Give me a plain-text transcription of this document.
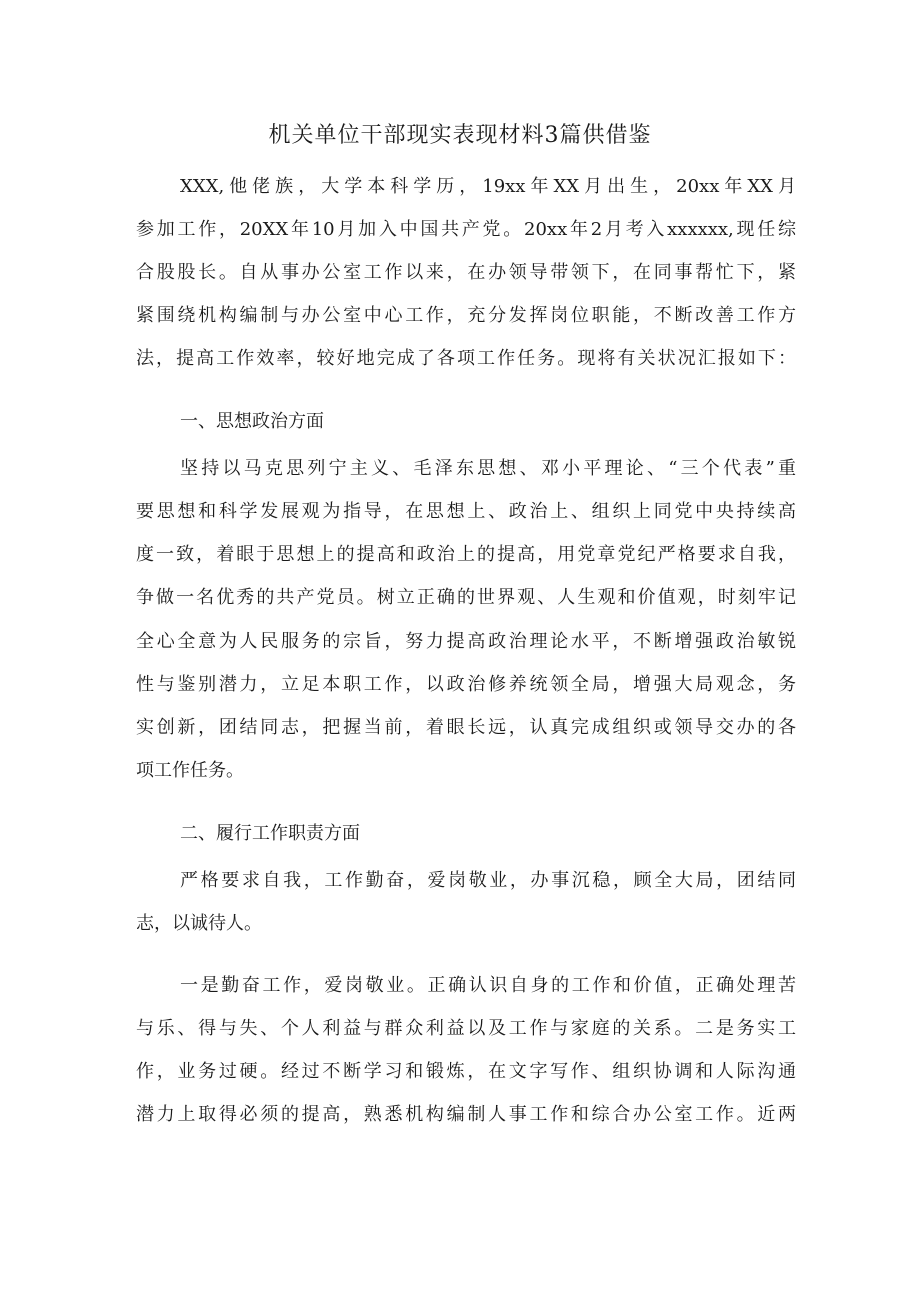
机关单位干部现实表现材料3篇供借鉴
XXX,他佬族，大学本科学历，19xx年XX月出生，20xx年XX月
参加工作，20XX年10月加入中国共产党。20xx年2月考入xxxxxx,现任综
合股股长。自从事办公室工作以来，在办领导带领下，在同事帮忙下，紧
紧围绕机构编制与办公室中心工作，充分发挥岗位职能，不断改善工作方
法，提高工作效率，较好地完成了各项工作任务。现将有关状况汇报如下：
一、思想政治方面
坚持以马克思列宁主义、毛泽东思想、邓小平理论、“三个代表”重
要思想和科学发展观为指导，在思想上、政治上、组织上同党中央持续高
度一致，着眼于思想上的提高和政治上的提高，用党章党纪严格要求自我，
争做一名优秀的共产党员。树立正确的世界观、人生观和价值观，时刻牢记
全心全意为人民服务的宗旨，努力提高政治理论水平，不断增强政治敏锐
性与鉴别潜力，立足本职工作，以政治修养统领全局，增强大局观念，务
实创新，团结同志，把握当前，着眼长远，认真完成组织或领导交办的各
项工作任务。
二、履行工作职责方面
严格要求自我，工作勤奋，爱岗敬业，办事沉稳，顾全大局，团结同
志，以诚待人。
一是勤奋工作，爱岗敬业。正确认识自身的工作和价值，正确处理苦
与乐、得与失、个人利益与群众利益以及工作与家庭的关系。二是务实工
作，业务过硬。经过不断学习和锻炼，在文字写作、组织协调和人际沟通
潜力上取得必须的提高，熟悉机构编制人事工作和综合办公室工作。近两
